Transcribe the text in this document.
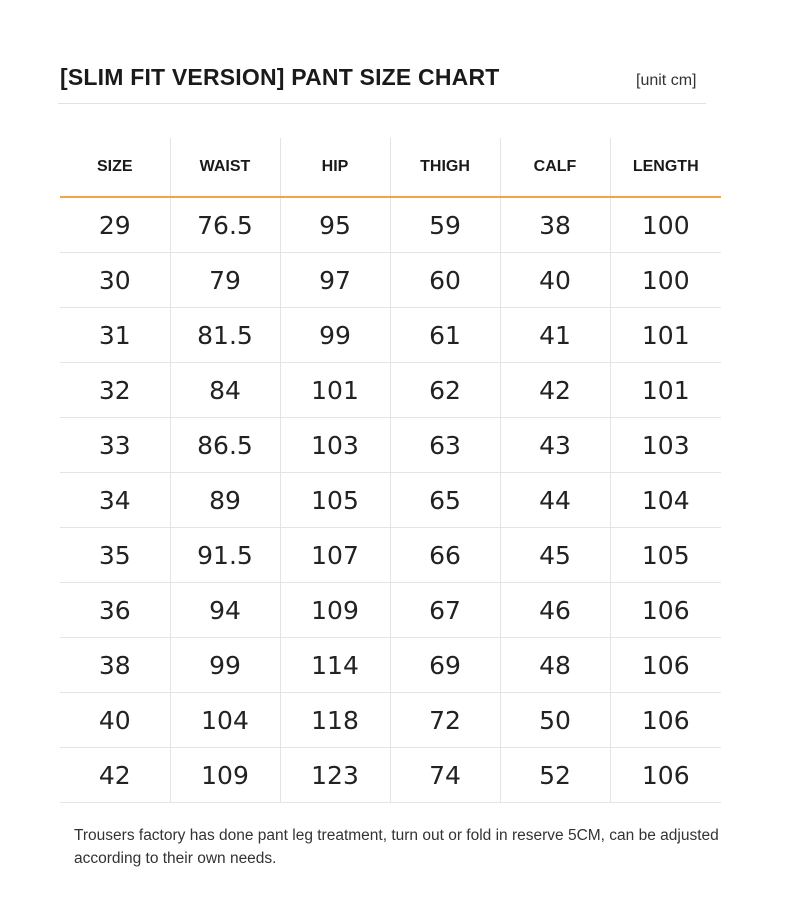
[SLIM FIT VERSION] PANT SIZE CHART	[unit cm]
SIZE	WAIST	HIP	THIGH	CALF	LENGTH
29	76.5	95	59	38	100
30	79	97	60	40	100
31	81.5	99	61	41	101
32	84	101	62	42	101
33	86.5	103	63	43	103
34	89	105	65	44	104
35	91.5	107	66	45	105
36	94	109	67	46	106
38	99	114	69	48	106
40	104	118	72	50	106
42	109	123	74	52	106
Trousers factory has done pant leg treatment, turn out or fold in reserve 5CM, can be adjusted according to their own needs.
